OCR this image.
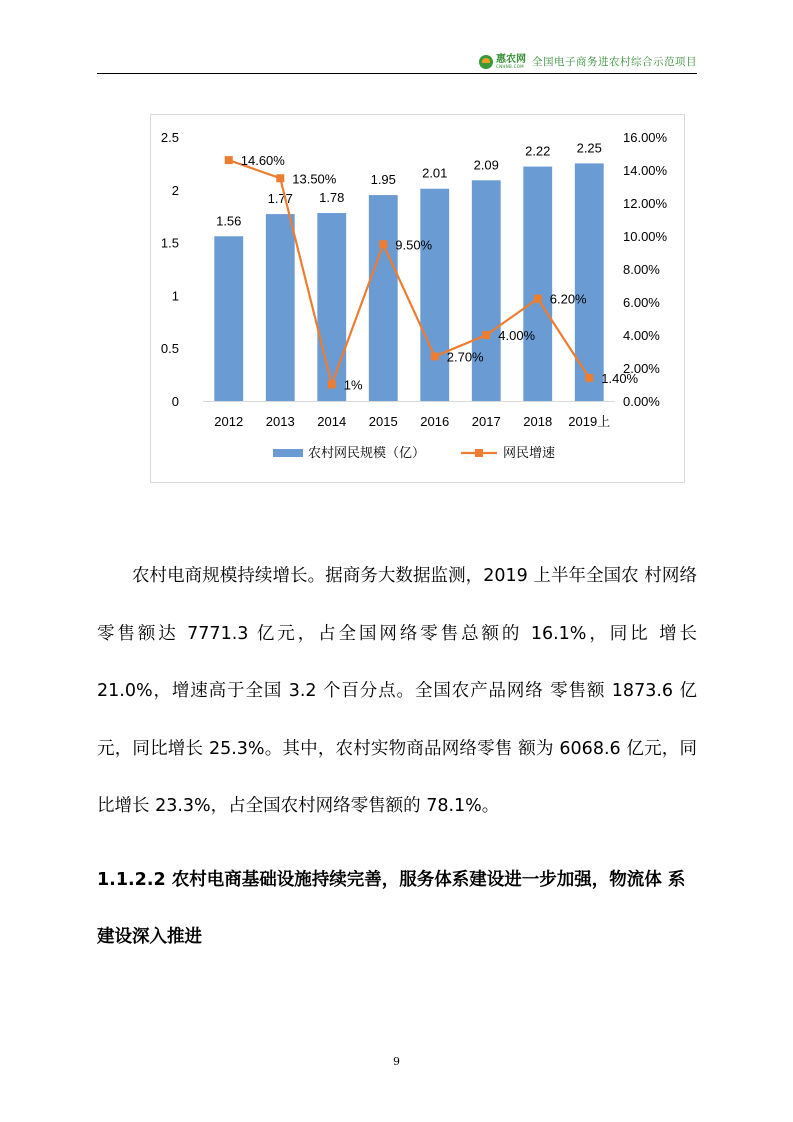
惠农网
CNHNB.COM 全国电子商务进农村综合示范项目
0
0.5
1
1.5
2
2.5
0.00%
2.00%
4.00%
6.00%
8.00%
10.00%
12.00%
14.00%
16.00%
1.56
1.77 1.78
1.95 2.01
2.09
2.22 2.25
14.60%
13.50%
1%
9.50%
2.70%
4.00%
6.20%
1.40%
2012 2013 2014 2015 2016 2017 2018 2019上
农村网民规模（亿）	网民增速

农村电商规模持续增长。据商务大数据监测，2019 上半年全国农 村网络零售额达 7771.3 亿元，占全国网络零售总额的 16.1%，同比 增长 21.0%，增速高于全国 3.2 个百分点。全国农产品网络 零售额 1873.6 亿元，同比增长 25.3%。其中，农村实物商品网络零售 额为 6068.6 亿元，同比增长 23.3%，占全国农村网络零售额的 78.1%。

1.1.2.2 农村电商基础设施持续完善，服务体系建设进一步加强，物流体 系建设深入推进
9
